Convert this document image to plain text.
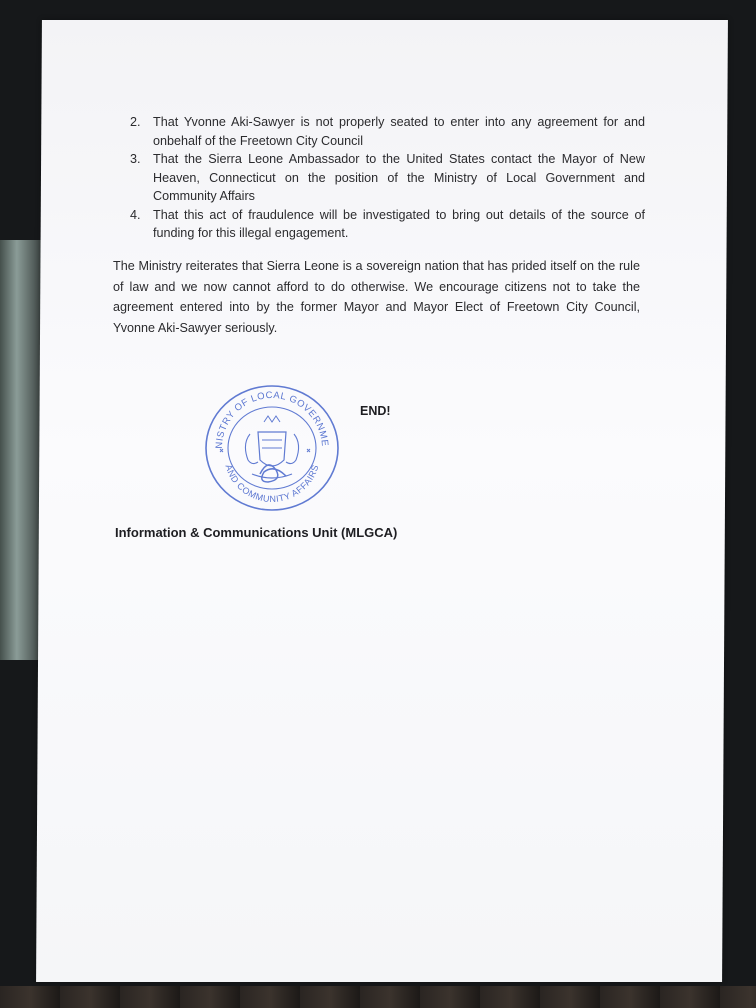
2. That Yvonne Aki-Sawyer is not properly seated to enter into any agreement for and onbehalf of the Freetown City Council
3. That the Sierra Leone Ambassador to the United States contact the Mayor of New Heaven, Connecticut on the position of the Ministry of Local Government and Community Affairs
4. That this act of fraudulence will be investigated to bring out details of the source of funding for this illegal engagement.

The Ministry reiterates that Sierra Leone is a sovereign nation that has prided itself on the rule of law and we now cannot afford to do otherwise. We encourage citizens not to take the agreement entered into by the former Mayor and Mayor Elect of Freetown City Council, Yvonne Aki-Sawyer seriously.

NISTRY OF LOCAL GOVERNME
AND COMMUNITY AFFAIRS
END!
Information & Communications Unit (MLGCA)
